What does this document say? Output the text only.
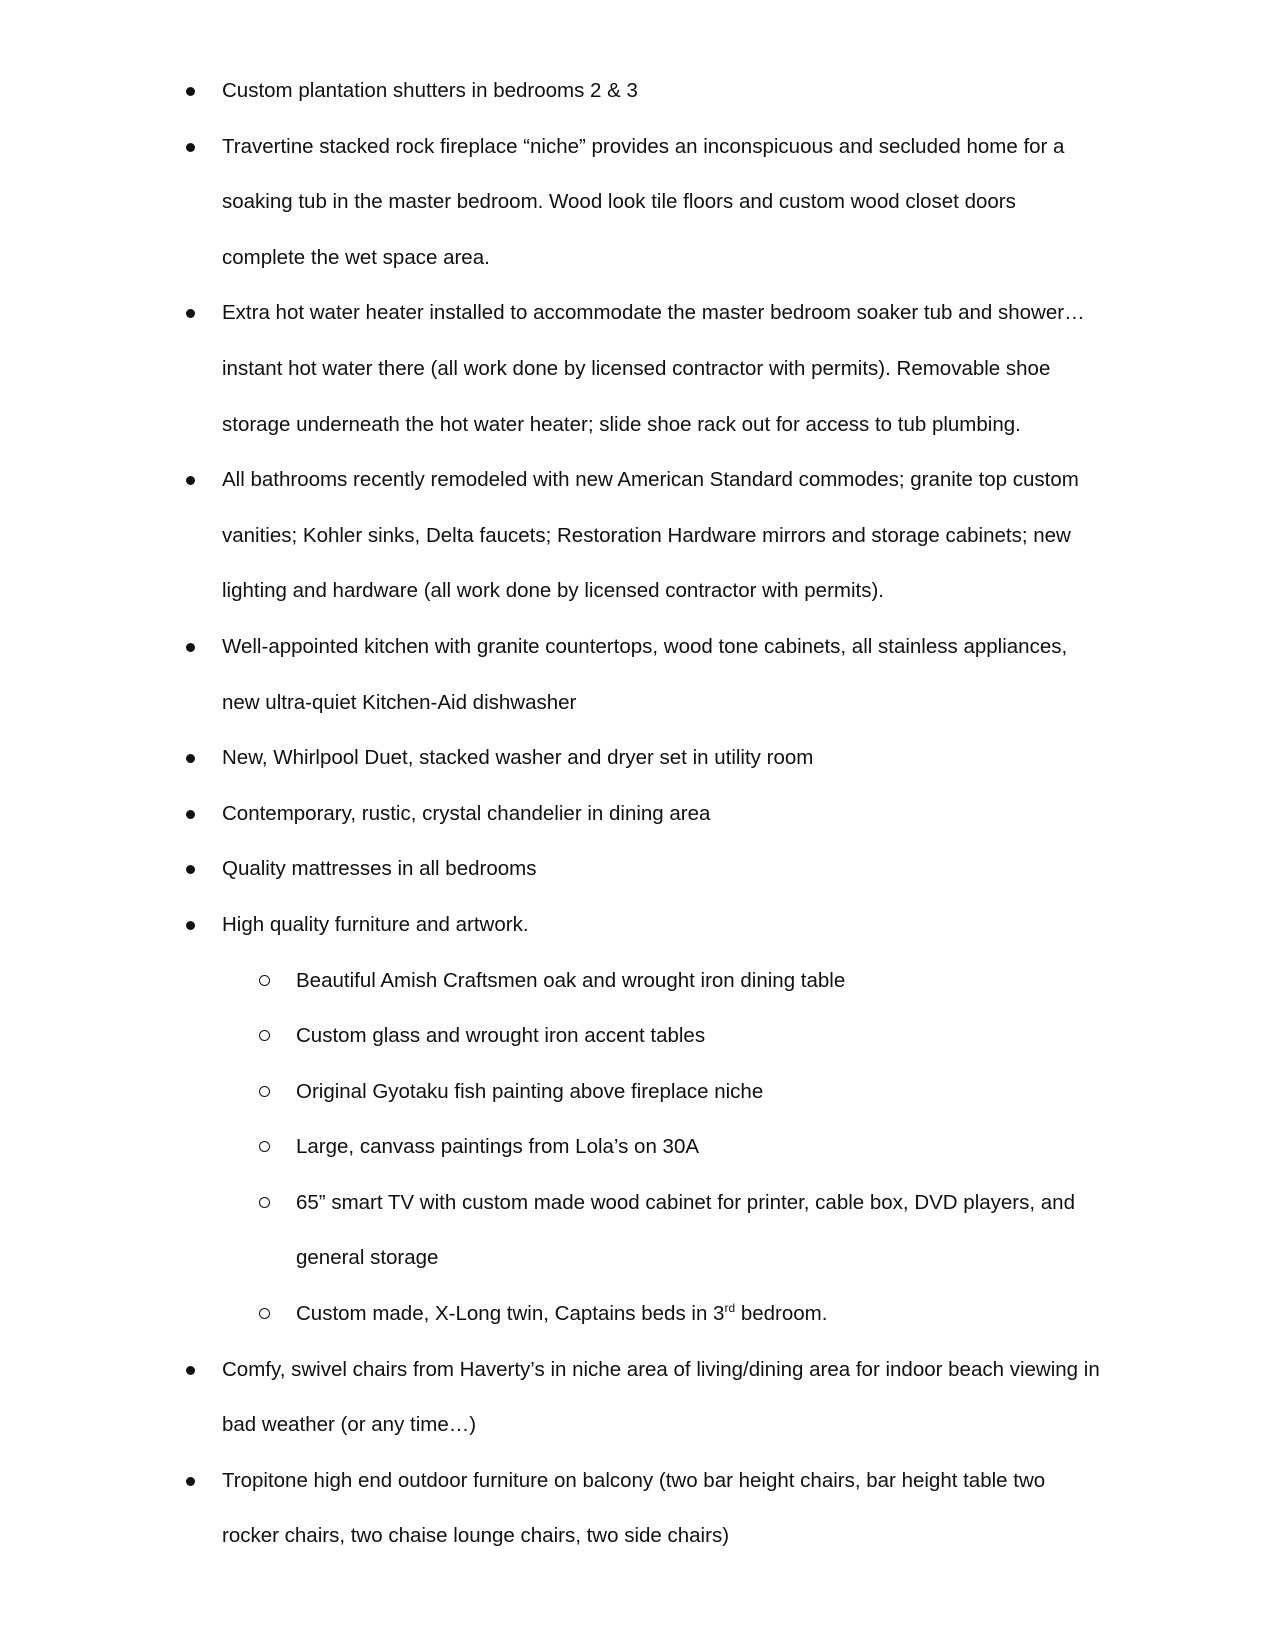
Custom plantation shutters in bedrooms 2 & 3
Travertine stacked rock fireplace “niche” provides an inconspicuous and secluded home for a soaking tub in the master bedroom. Wood look tile floors and custom wood closet doors complete the wet space area.
Extra hot water heater installed to accommodate the master bedroom soaker tub and shower… instant hot water there (all work done by licensed contractor with permits). Removable shoe storage underneath the hot water heater; slide shoe rack out for access to tub plumbing.
All bathrooms recently remodeled with new American Standard commodes; granite top custom vanities; Kohler sinks, Delta faucets; Restoration Hardware mirrors and storage cabinets; new lighting and hardware (all work done by licensed contractor with permits).
Well-appointed kitchen with granite countertops, wood tone cabinets, all stainless appliances, new ultra-quiet Kitchen-Aid dishwasher
New, Whirlpool Duet, stacked washer and dryer set in utility room
Contemporary, rustic, crystal chandelier in dining area
Quality mattresses in all bedrooms
High quality furniture and artwork.
Beautiful Amish Craftsmen oak and wrought iron dining table
Custom glass and wrought iron accent tables
Original Gyotaku fish painting above fireplace niche
Large, canvass paintings from Lola’s on 30A
65” smart TV with custom made wood cabinet for printer, cable box, DVD players, and general storage
Custom made, X-Long twin, Captains beds in 3rd bedroom.
Comfy, swivel chairs from Haverty’s in niche area of living/dining area for indoor beach viewing in bad weather (or any time…)
Tropitone high end outdoor furniture on balcony (two bar height chairs, bar height table two rocker chairs, two chaise lounge chairs, two side chairs)
